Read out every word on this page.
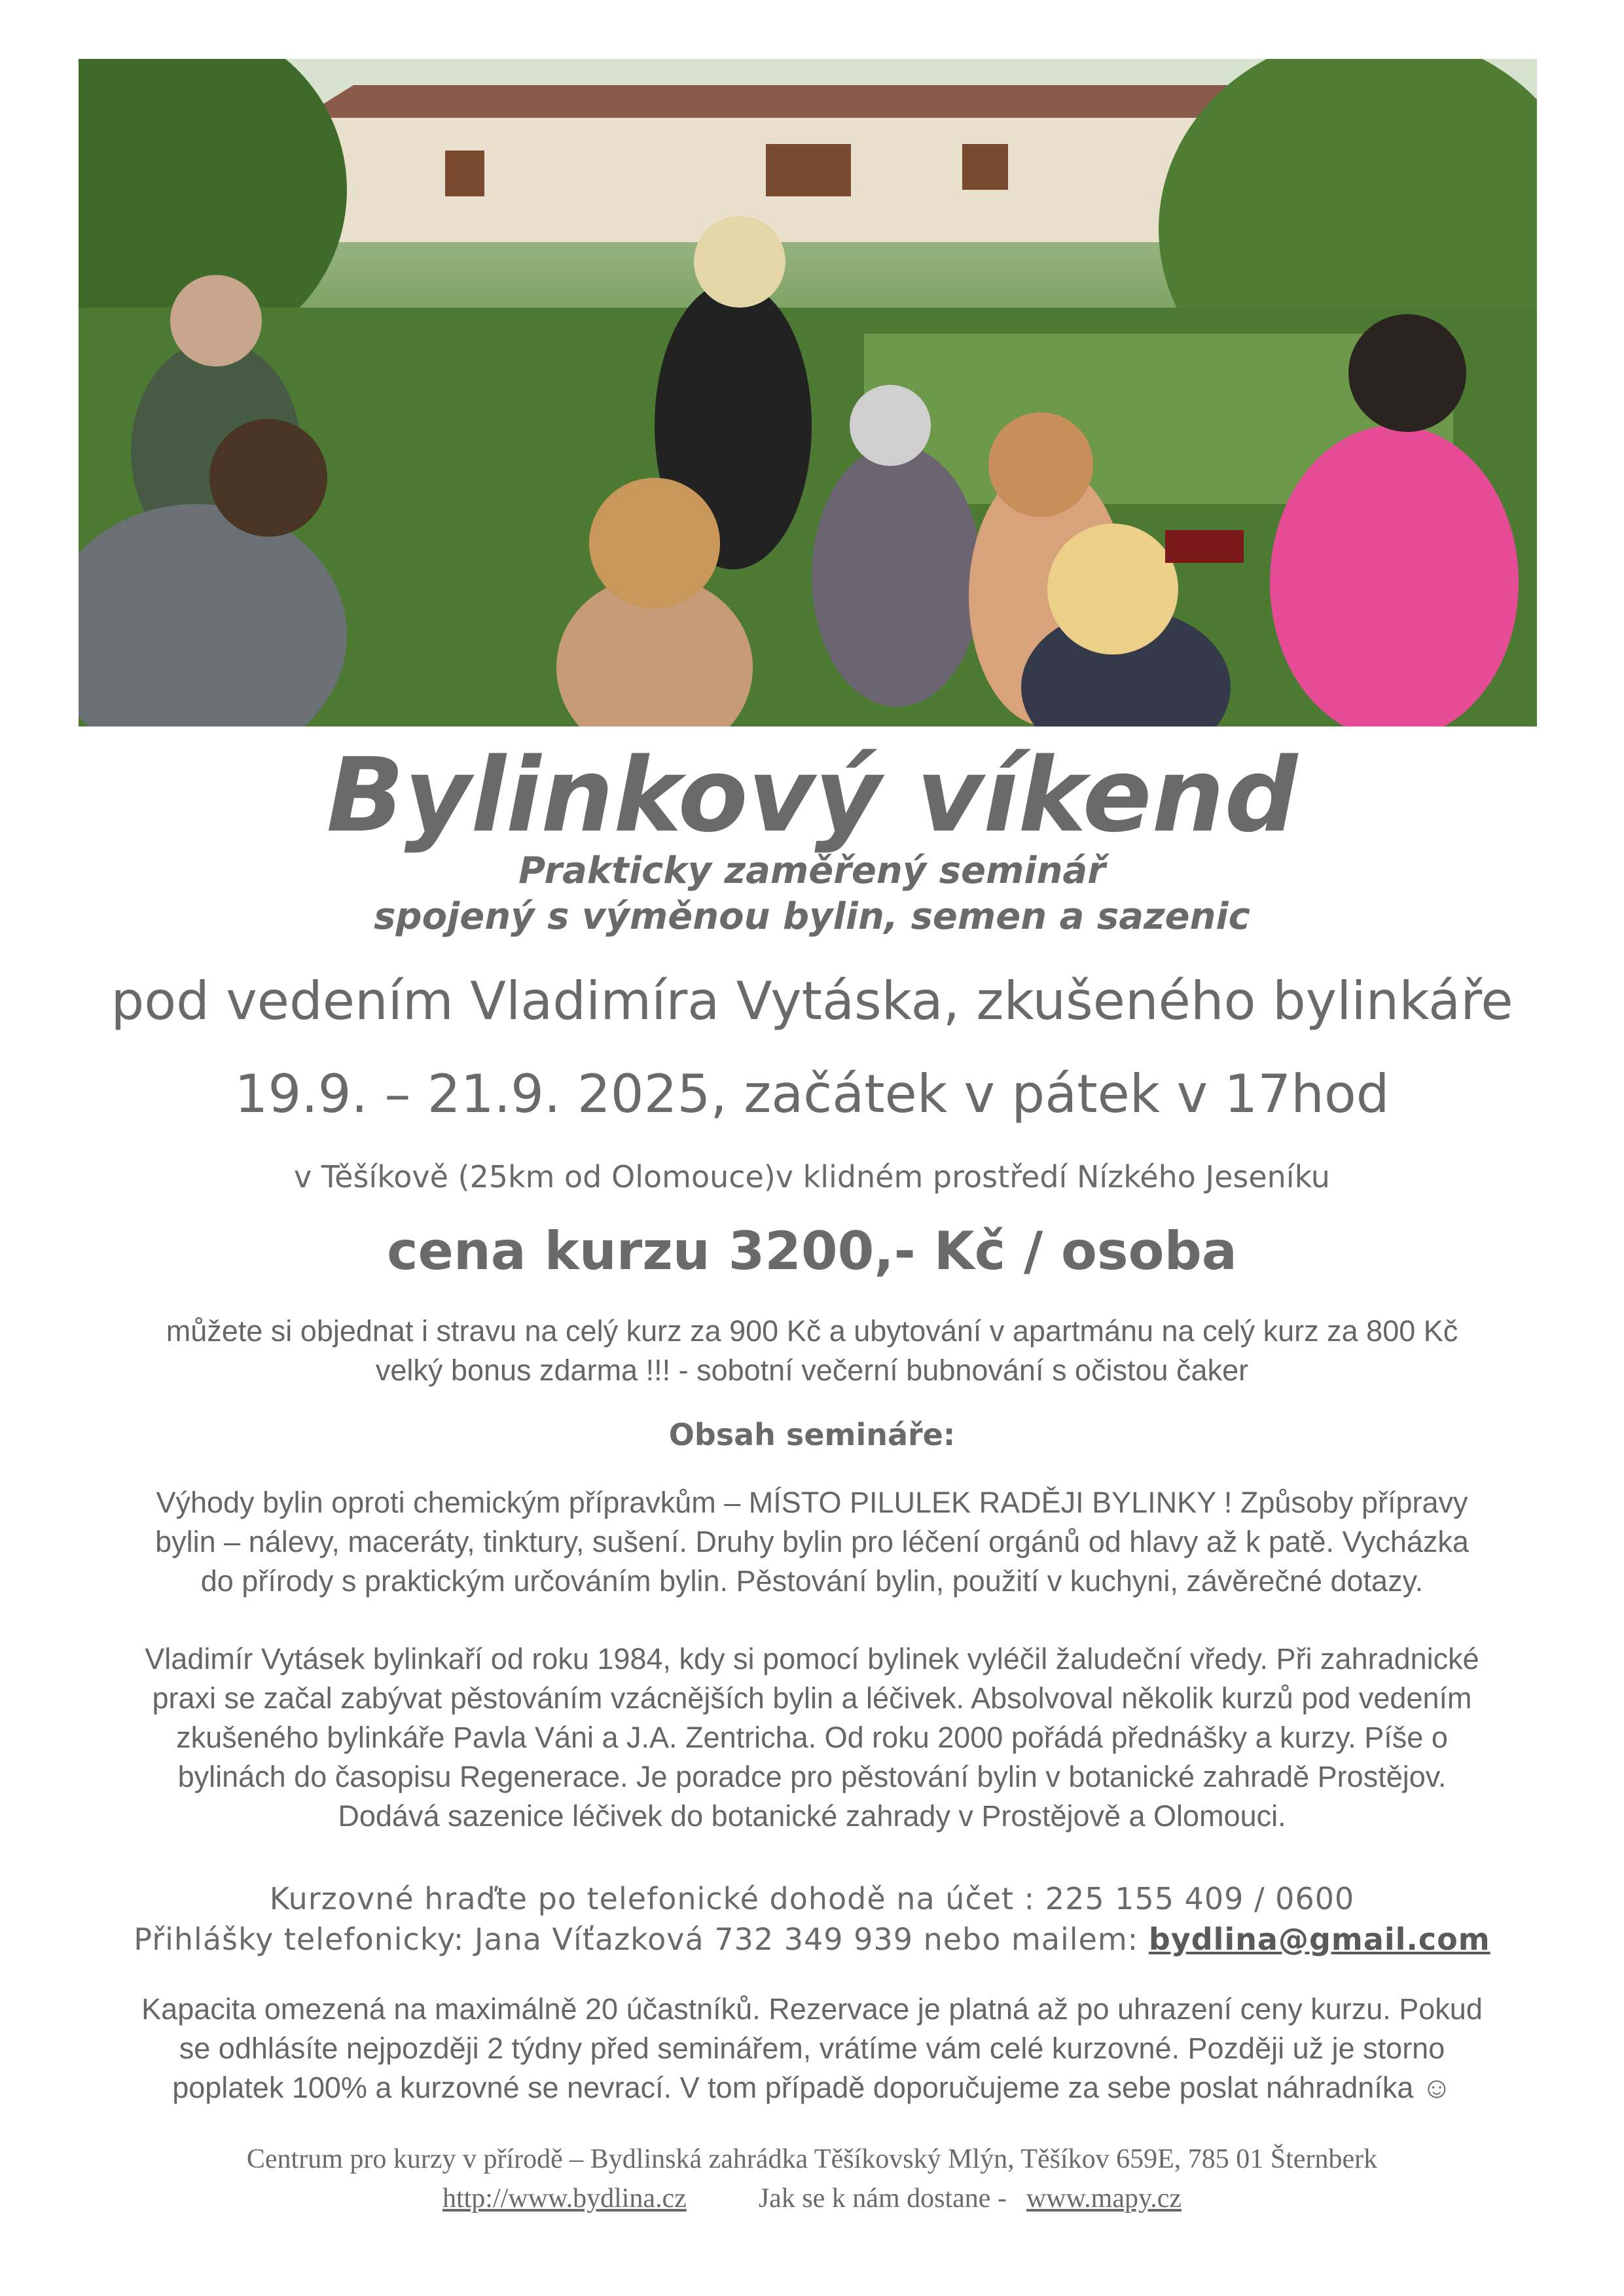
Bylinkový víkend
Prakticky zaměřený seminář
spojený s výměnou bylin, semen a sazenic
pod vedením Vladimíra Vytáska, zkušeného bylinkáře
19.9. – 21.9. 2025, začátek v pátek v 17hod
v Těšíkově (25km od Olomouce)v klidném prostředí Nízkého Jeseníku
cena kurzu 3200,- Kč / osoba
můžete si objednat i stravu na celý kurz za 900 Kč a ubytování v apartmánu na celý kurz za 800 Kč
velký bonus zdarma !!! - sobotní večerní bubnování s očistou čaker
Obsah semináře:
Výhody bylin oproti chemickým přípravkům – MÍSTO PILULEK RADĚJI BYLINKY ! Způsoby přípravy
bylin – nálevy, maceráty, tinktury, sušení. Druhy bylin pro léčení orgánů od hlavy až k patě. Vycházka
do přírody s praktickým určováním bylin. Pěstování bylin, použití v kuchyni, závěrečné dotazy.
Vladimír Vytásek bylinkaří od roku 1984, kdy si pomocí bylinek vyléčil žaludeční vředy. Při zahradnické
praxi se začal zabývat pěstováním vzácnějších bylin a léčivek. Absolvoval několik kurzů pod vedením
zkušeného bylinkáře Pavla Váni a J.A. Zentricha. Od roku 2000 pořádá přednášky a kurzy. Píše o
bylinách do časopisu Regenerace. Je poradce pro pěstování bylin v botanické zahradě Prostějov.
Dodává sazenice léčivek do botanické zahrady v Prostějově a Olomouci.
Kurzovné hraďte po telefonické dohodě na účet : 225 155 409 / 0600
Přihlášky telefonicky: Jana Víťazková 732 349 939 nebo mailem: bydlina@gmail.com
Kapacita omezená na maximálně 20 účastníků. Rezervace je platná až po uhrazení ceny kurzu. Pokud
se odhlásíte nejpozději 2 týdny před seminářem, vrátíme vám celé kurzovné. Později už je storno
poplatek 100% a kurzovné se nevrací. V tom případě doporučujeme za sebe poslat náhradníka ☺
Centrum pro kurzy v přírodě – Bydlinská zahrádka Těšíkovský Mlýn, Těšíkov 659E, 785 01 Šternberk
http://www.bydlina.cz	Jak se k nám dostane - www.mapy.cz
